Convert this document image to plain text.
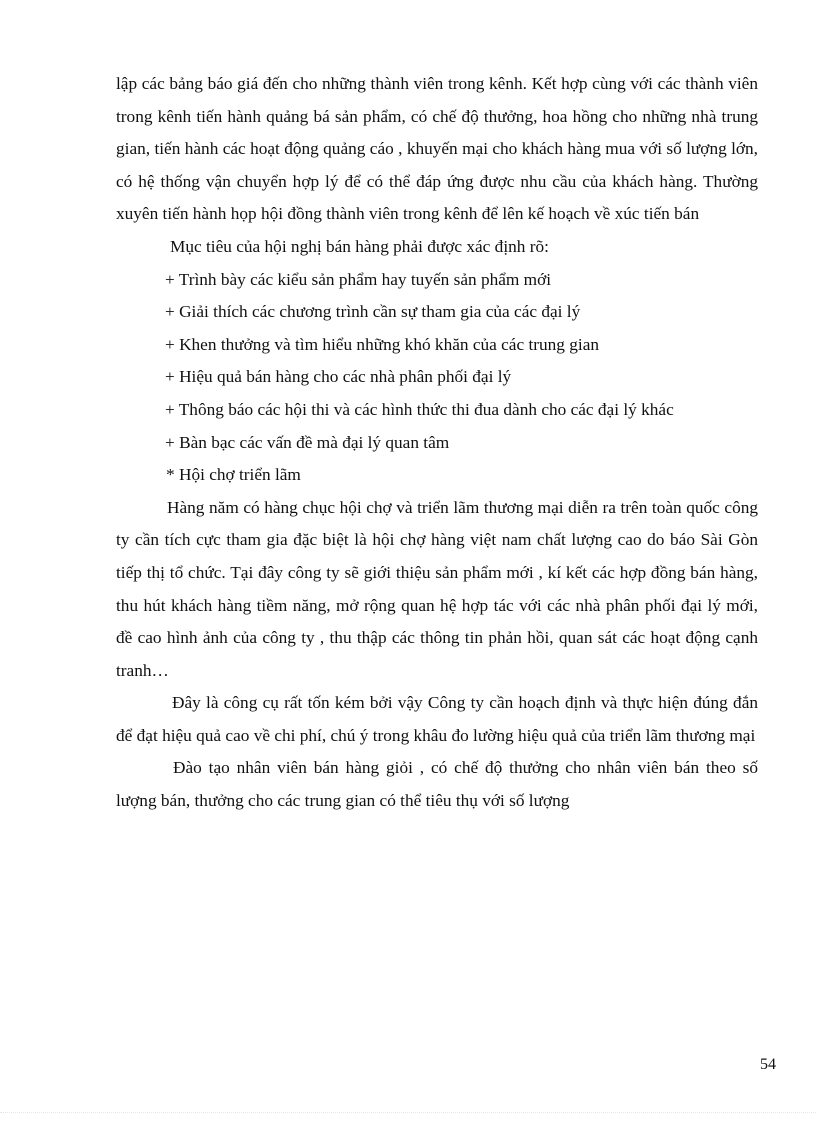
lập các bảng báo giá đến cho những thành viên trong kênh. Kết hợp cùng với các thành viên trong kênh tiến hành quảng bá sản phẩm, có chế độ thưởng, hoa hồng cho những nhà trung gian, tiến hành các hoạt động quảng cáo , khuyến mại cho khách hàng mua với số lượng lớn, có hệ thống vận chuyển hợp lý để có thể đáp ứng được nhu cầu của khách hàng. Thường xuyên tiến hành họp hội đồng thành viên trong kênh để lên kế hoạch về xúc tiến bán

Mục tiêu của hội nghị bán hàng phải được xác định rõ:

+ Trình bày các kiểu sản phẩm hay tuyến sản phẩm mới

+ Giải thích các chương trình cần sự tham gia của các đại lý

+ Khen thưởng và tìm hiểu những khó khăn của các trung gian

+ Hiệu quả bán hàng cho các nhà phân phối đại lý

+ Thông báo các hội thi và các hình thức thi đua dành cho các đại lý khác

+ Bàn bạc các vấn đề mà đại lý quan tâm

* Hội chợ triển lãm

Hàng năm có hàng chục hội chợ và triển lãm thương mại diễn ra trên toàn quốc công ty cần tích cực tham gia đặc biệt là hội chợ hàng việt nam chất lượng cao do báo Sài Gòn tiếp thị tổ chức. Tại đây công ty sẽ giới thiệu sản phẩm mới , kí kết các hợp đồng bán hàng, thu hút khách hàng tiềm năng, mở rộng quan hệ hợp tác với các nhà phân phối đại lý mới, đề cao hình ảnh của công ty , thu thập các thông tin phản hồi, quan sát các hoạt động cạnh tranh…

Đây là công cụ rất tốn kém bởi vậy Công ty cần hoạch định và thực hiện đúng đắn để đạt hiệu quả cao về chi phí, chú ý trong khâu đo lường hiệu quả của triển lãm thương mại

Đào tạo nhân viên bán hàng giỏi , có chế độ thưởng cho nhân viên bán theo số lượng bán, thưởng cho các trung gian có thể tiêu thụ với số lượng

54
